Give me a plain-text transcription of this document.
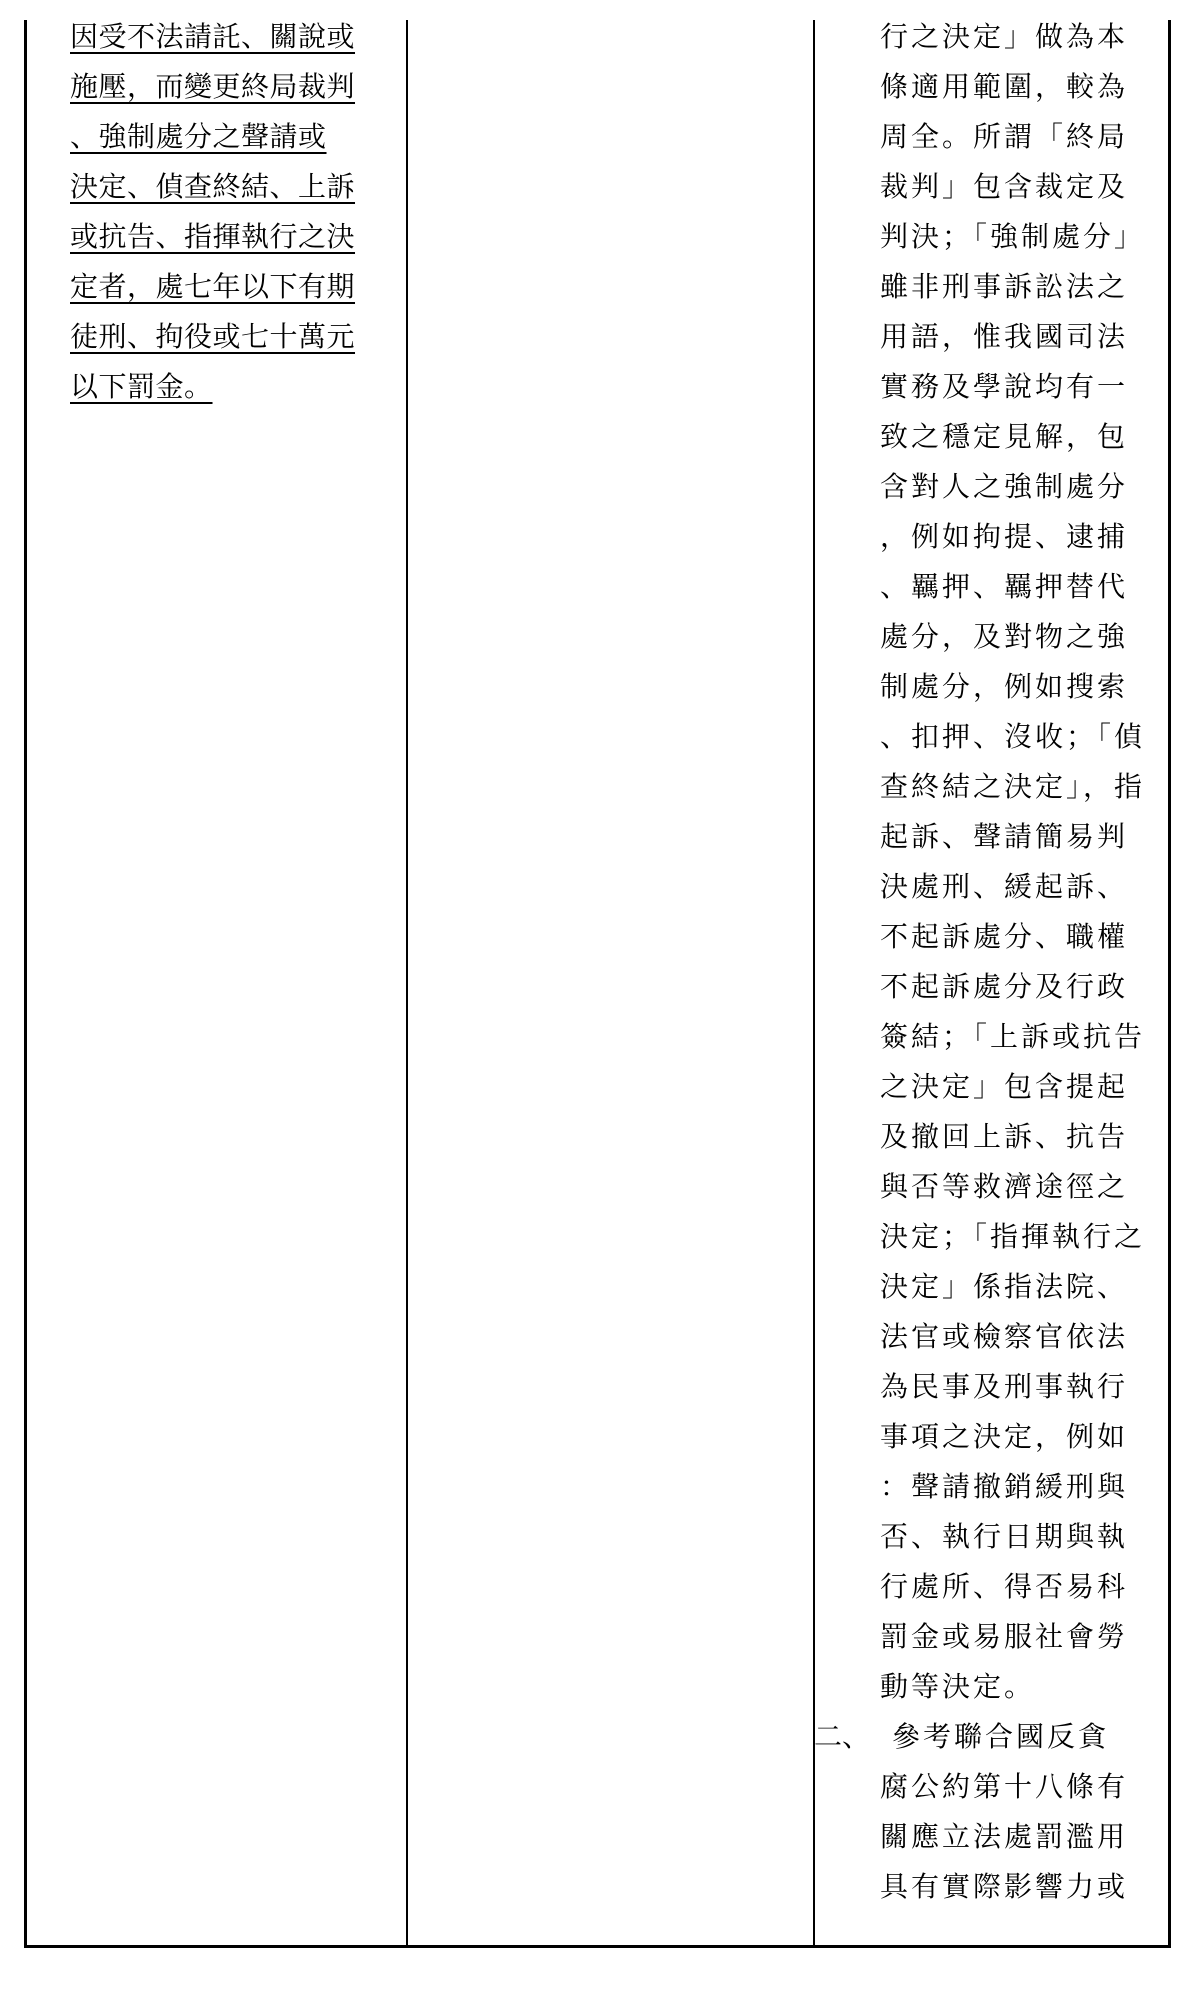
因受不法請託、關說或
施壓，而變更終局裁判
、強制處分之聲請或
決定、偵查終結、上訴
或抗告、指揮執行之決
定者，處七年以下有期
徒刑、拘役或七十萬元
以下罰金。
行之決定」做為本
條適用範圍，較為
周全。所謂「終局
裁判」包含裁定及
判決；「強制處分」
雖非刑事訴訟法之
用語，惟我國司法
實務及學說均有一
致之穩定見解，包
含對人之強制處分
，例如拘提、逮捕
、羈押、羈押替代
處分，及對物之強
制處分，例如搜索
、扣押、沒收；「偵
查終結之決定」，指
起訴、聲請簡易判
決處刑、緩起訴、
不起訴處分、職權
不起訴處分及行政
簽結；「上訴或抗告
之決定」包含提起
及撤回上訴、抗告
與否等救濟途徑之
決定；「指揮執行之
決定」係指法院、
法官或檢察官依法
為民事及刑事執行
事項之決定，例如
：聲請撤銷緩刑與
否、執行日期與執
行處所、得否易科
罰金或易服社會勞
動等決定。
參考聯合國反貪
腐公約第十八條有
關應立法處罰濫用
具有實際影響力或
二、
